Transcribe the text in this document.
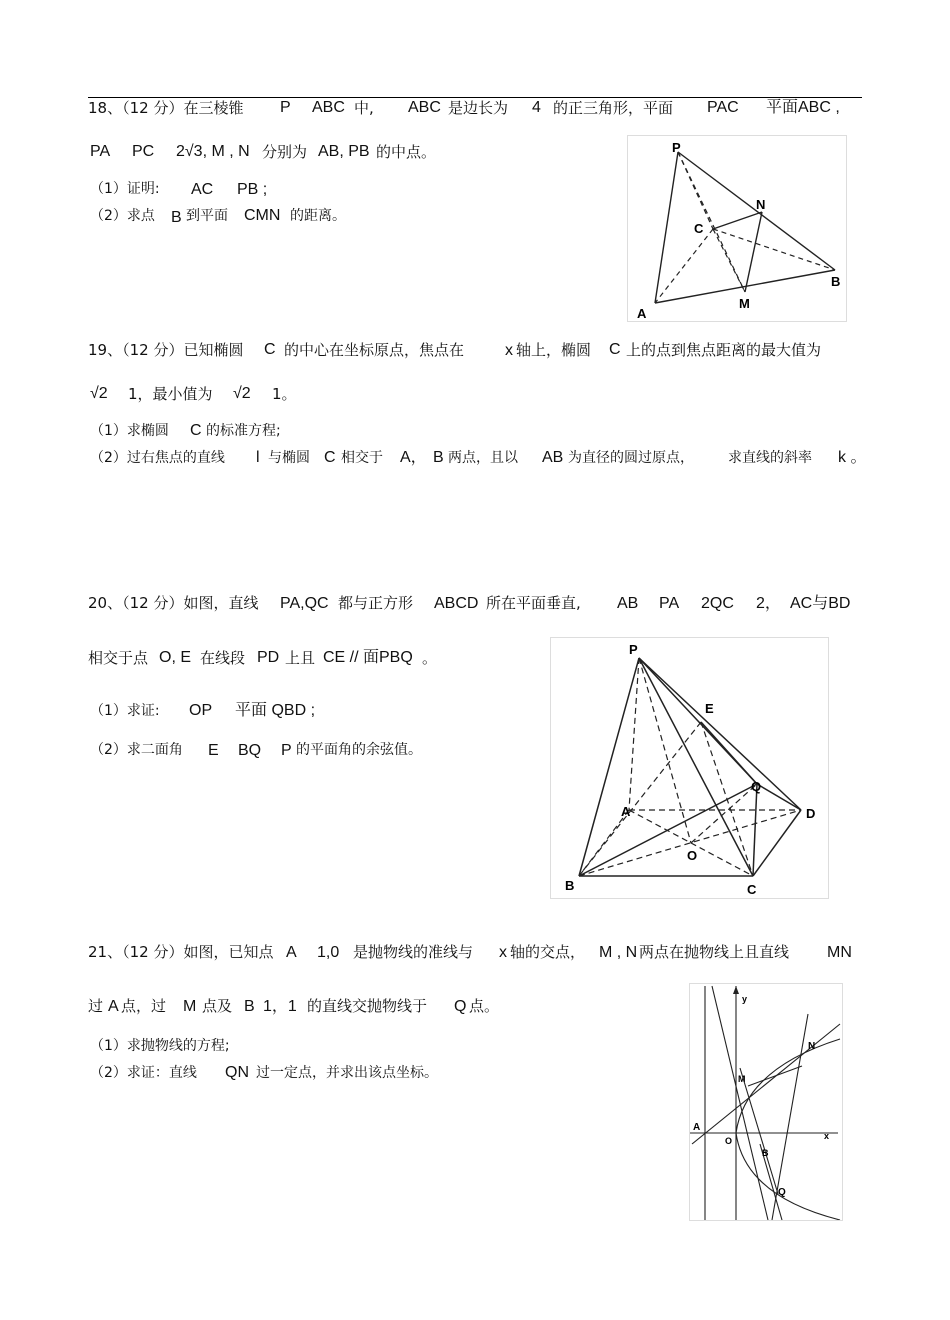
18、（12 分）在三棱锥 P ABC 中, ABC 是边长为 4 的正三角形，平面 PAC 平面ABC ,
PA PC 2√3, M , N 分别为 AB, PB 的中点。
（1）证明: AC PB ;
（2）求点 B 到平面 CMN 的距离。
P
C
N
B
M
A
19、（12 分）已知椭圆 C 的中心在坐标原点，焦点在	x 轴上，椭圆 C 上的点到焦点距离的最大值为
√2 1，最小值为 √2 1。
（1）求椭圆 C 的标准方程;
（2）过右焦点的直线 l 与椭圆 C 相交于 A， B 两点，且以 AB 为直径的圆过原点， 求直线的斜率 k 。
20、（12 分）如图，直线 PA,QC 都与正方形 ABCD 所在平面垂直, AB PA 2QC 2， AC与BD
相交于点 O, E 在线段 PD 上且 CE // 面PBQ 。
（1）求证: OP 平面 QBD ;
（2）求二面角 E BQ P 的平面角的余弦值。
P
E
A
Q
D
O
B	C
21、（12 分）如图，已知点 A 1,0 是抛物线的准线与 x 轴的交点， M , N 两点在抛物线上且直线 MN
过 A 点，过 M 点及 B 1，1 的直线交抛物线于 Q 点。
（1）求抛物线的方程;
（2）求证：直线 QN 过一定点，并求出该点坐标。
y
N
M
A
O	x
B
Q
